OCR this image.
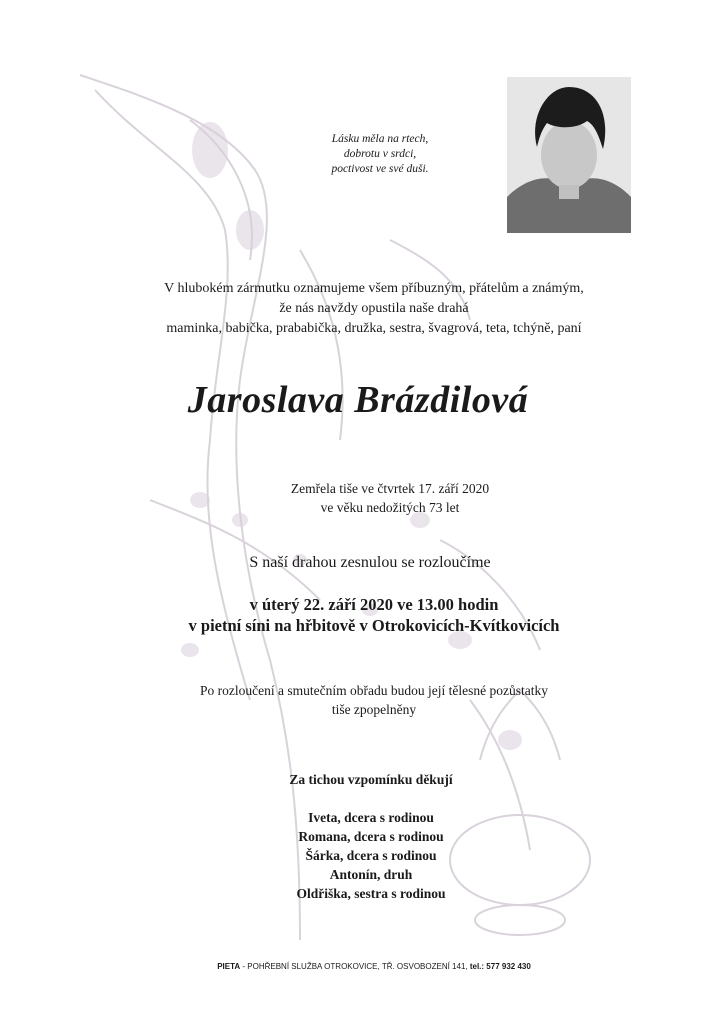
Lásku měla na rtech,
dobrotu v srdci,
poctivost ve své duši.
V hlubokém zármutku oznamujeme všem příbuzným, přátelům a známým,
že nás navždy opustila naše drahá
maminka, babička, prababička, družka, sestra, švagrová, teta, tchýně, paní
Jaroslava Brázdilová
Zemřela tiše ve čtvrtek 17. září 2020
ve věku nedožitých 73 let
S naší drahou zesnulou se rozloučíme
v úterý 22. září 2020 ve 13.00 hodin
v pietní síni na hřbitově v Otrokovicích-Kvítkovicích
Po rozloučení a smutečním obřadu budou její tělesné pozůstatky
tiše zpopelněny
Za tichou vzpomínku děkují
Iveta, dcera s rodinou
Romana, dcera s rodinou
Šárka, dcera s rodinou
Antonín, druh
Oldřiška, sestra s rodinou
PIETA - POHŘEBNÍ SLUŽBA OTROKOVICE, TŘ. OSVOBOZENÍ 141, tel.: 577 932 430
